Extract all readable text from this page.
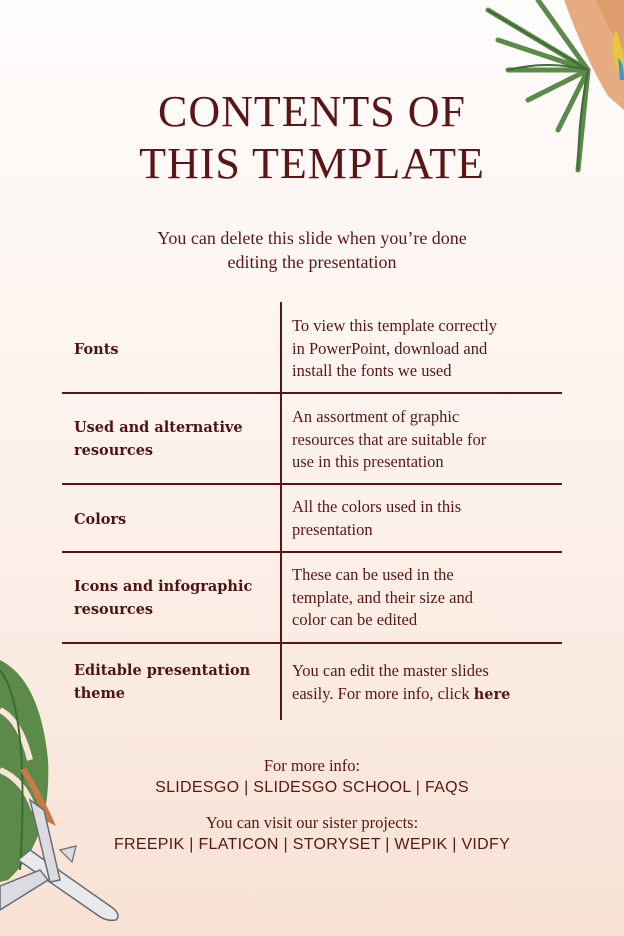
CONTENTS OF
THIS TEMPLATE
You can delete this slide when you’re done
editing the presentation
Fonts
To view this template correctly
in PowerPoint, download and
install the fonts we used
Used and alternative
resources
An assortment of graphic
resources that are suitable for
use in this presentation
Colors
All the colors used in this
presentation
Icons and infographic
resources
These can be used in the
template, and their size and
color can be edited
Editable presentation
theme
You can edit the master slides
easily. For more info, click here
For more info:
SLIDESGO | SLIDESGO SCHOOL | FAQS
You can visit our sister projects:
FREEPIK | FLATICON | STORYSET | WEPIK | VIDFY
